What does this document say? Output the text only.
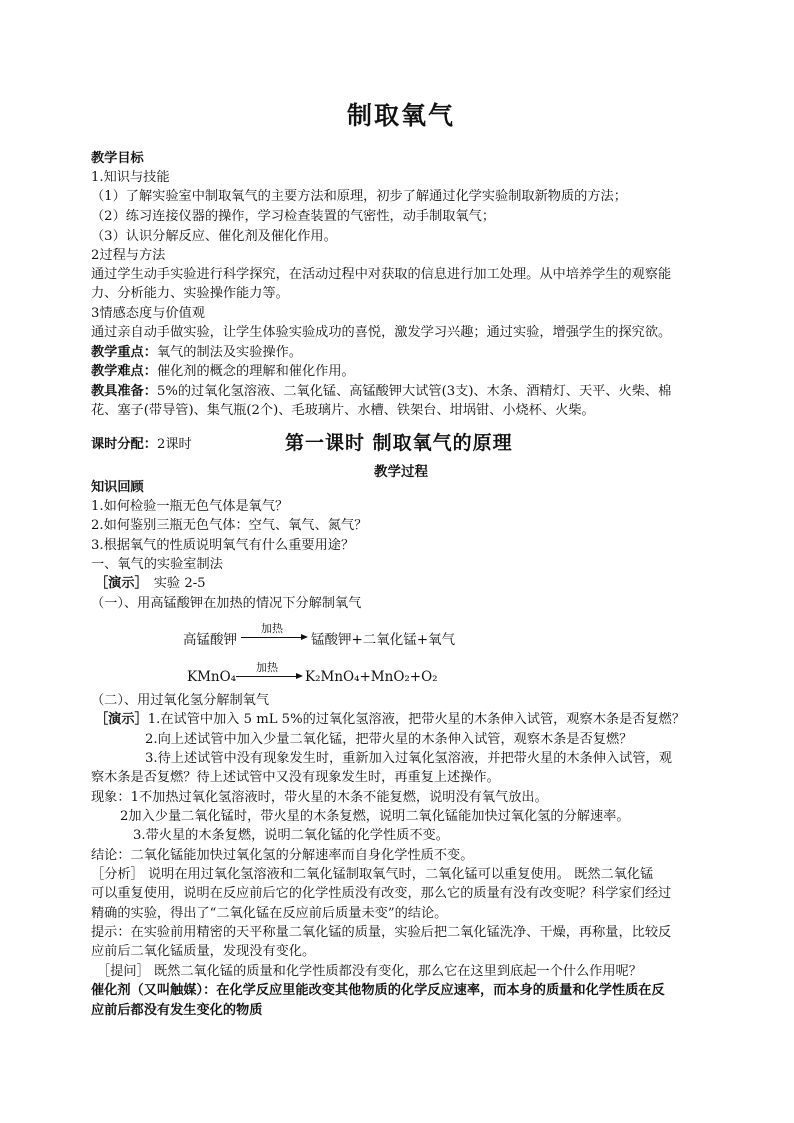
制取氧气
教学目标
1.知识与技能
（1）了解实验室中制取氧气的主要方法和原理，初步了解通过化学实验制取新物质的方法；
（2）练习连接仪器的操作，学习检查装置的气密性，动手制取氧气；
（3）认识分解反应、催化剂及催化作用。
2过程与方法
通过学生动手实验进行科学探究，在活动过程中对获取的信息进行加工处理。从中培养学生的观察能
力、分析能力、实验操作能力等。
3情感态度与价值观
通过亲自动手做实验，让学生体验实验成功的喜悦，激发学习兴趣；通过实验，增强学生的探究欲。
教学重点：氧气的制法及实验操作。
教学难点：催化剂的概念的理解和催化作用。
教具准备：5%的过氧化氢溶液、二氧化锰、高锰酸钾大试管(3支)、木条、酒精灯、天平、火柴、棉
花、塞子(带导管)、集气瓶(2个)、毛玻璃片、水槽、铁架台、坩埚钳、小烧杯、火柴。
课时分配：2课时	第一课时 制取氧气的原理
教学过程
知识回顾
1.如何检验一瓶无色气体是氧气？
2.如何鉴别三瓶无色气体：空气、氧气、氮气？
3.根据氧气的性质说明氧气有什么重要用途？
一、氧气的实验室制法
［演示］ 实验 2-5
（一）、用高锰酸钾在加热的情况下分解制氧气
高锰酸钾
加热
锰酸钾+二氧化锰+氧气
KMnO₄
加热
K₂MnO₄+MnO₂+O₂
（二）、用过氧化氢分解制氧气
［演示］1.在试管中加入 5 mL 5%的过氧化氢溶液，把带火星的木条伸入试管，观察木条是否复燃？
2.向上述试管中加入少量二氧化锰，把带火星的木条伸入试管，观察木条是否复燃？
3.待上述试管中没有现象发生时，重新加入过氧化氢溶液，并把带火星的木条伸入试管，观
察木条是否复燃？待上述试管中又没有现象发生时，再重复上述操作。
现象：1不加热过氧化氢溶液时，带火星的木条不能复燃，说明没有氧气放出。
2加入少量二氧化锰时，带火星的木条复燃，说明二氧化锰能加快过氧化氢的分解速率。
3.带火星的木条复燃，说明二氧化锰的化学性质不变。
结论：二氧化锰能加快过氧化氢的分解速率而自身化学性质不变。
［分析］ 说明在用过氧化氢溶液和二氧化锰制取氧气时，二氧化锰可以重复使用。 既然二氧化锰
可以重复使用，说明在反应前后它的化学性质没有改变，那么它的质量有没有改变呢？科学家们经过
精确的实验，得出了“二氧化锰在反应前后质量未变”的结论。
提示：在实验前用精密的天平称量二氧化锰的质量，实验后把二氧化锰洗净、干燥，再称量，比较反
应前后二氧化锰质量，发现没有变化。
［提问］ 既然二氧化锰的质量和化学性质都没有变化，那么它在这里到底起一个什么作用呢？
催化剂（又叫触媒）：在化学反应里能改变其他物质的化学反应速率，而本身的质量和化学性质在反
应前后都没有发生变化的物质
